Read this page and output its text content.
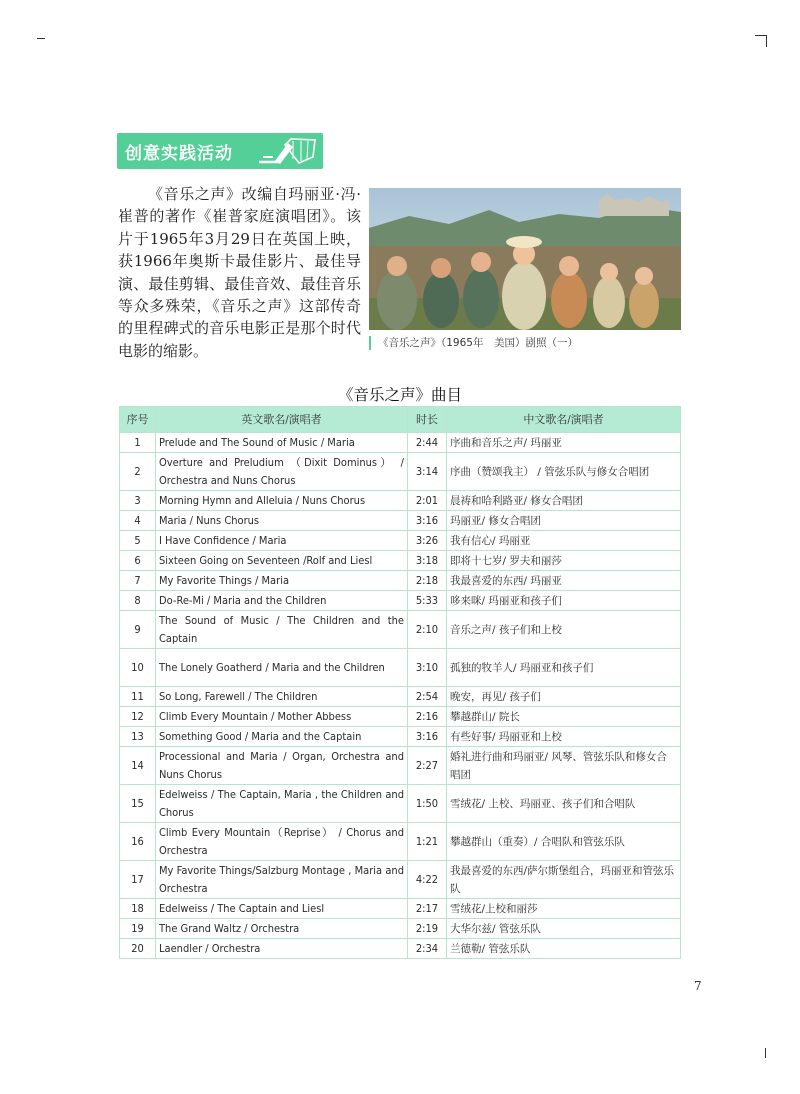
创意实践活动
《音乐之声》改编自玛丽亚·冯·崔普的著作《崔普家庭演唱团》。该片于1965年3月29日在英国上映，获1966年奥斯卡最佳影片、最佳导演、最佳剪辑、最佳音效、最佳音乐等众多殊荣，《音乐之声》这部传奇的里程碑式的音乐电影正是那个时代电影的缩影。	《音乐之声》（1965年　美国）剧照（一）
《音乐之声》曲目
序号	英文歌名/演唱者	时长	中文歌名/演唱者
1	Prelude and The Sound of Music / Maria	2:44	序曲和音乐之声/ 玛丽亚
2	Overture and Preludium （Dixit Dominus） / Orchestra and Nuns Chorus	3:14	序曲（赞颂我主） / 管弦乐队与修女合唱团
3	Morning Hymn and Alleluia / Nuns Chorus	2:01	晨祷和哈利路亚/ 修女合唱团
4	Maria / Nuns Chorus	3:16	玛丽亚/ 修女合唱团
5	I Have Confidence / Maria	3:26	我有信心/ 玛丽亚
6	Sixteen Going on Seventeen /Rolf and Liesl	3:18	即将十七岁/ 罗夫和丽莎
7	My Favorite Things / Maria	2:18	我最喜爱的东西/ 玛丽亚
8	Do-Re-Mi / Maria and the Children	5:33	哆来咪/ 玛丽亚和孩子们
9	The Sound of Music / The Children and the Captain	2:10	音乐之声/ 孩子们和上校
10	The Lonely Goatherd / Maria and the Children	3:10	孤独的牧羊人/ 玛丽亚和孩子们
11	So Long, Farewell / The Children	2:54	晚安，再见/ 孩子们
12	Climb Every Mountain / Mother Abbess	2:16	攀越群山/ 院长
13	Something Good / Maria and the Captain	3:16	有些好事/ 玛丽亚和上校
14	Processional and Maria / Organ, Orchestra and Nuns Chorus	2:27	婚礼进行曲和玛丽亚/ 风琴、管弦乐队和修女合唱团
15	Edelweiss / The Captain, Maria , the Children and Chorus	1:50	雪绒花/ 上校、玛丽亚、孩子们和合唱队
16	Climb Every Mountain（Reprise） / Chorus and Orchestra	1:21	攀越群山（重奏）/ 合唱队和管弦乐队
17	My Favorite Things/Salzburg Montage , Maria and Orchestra	4:22	我最喜爱的东西/萨尔斯堡组合，玛丽亚和管弦乐队
18	Edelweiss / The Captain and Liesl	2:17	雪绒花/上校和丽莎
19	The Grand Waltz / Orchestra	2:19	大华尔兹/ 管弦乐队
20	Laendler / Orchestra	2:34	兰德勒/ 管弦乐队
7
